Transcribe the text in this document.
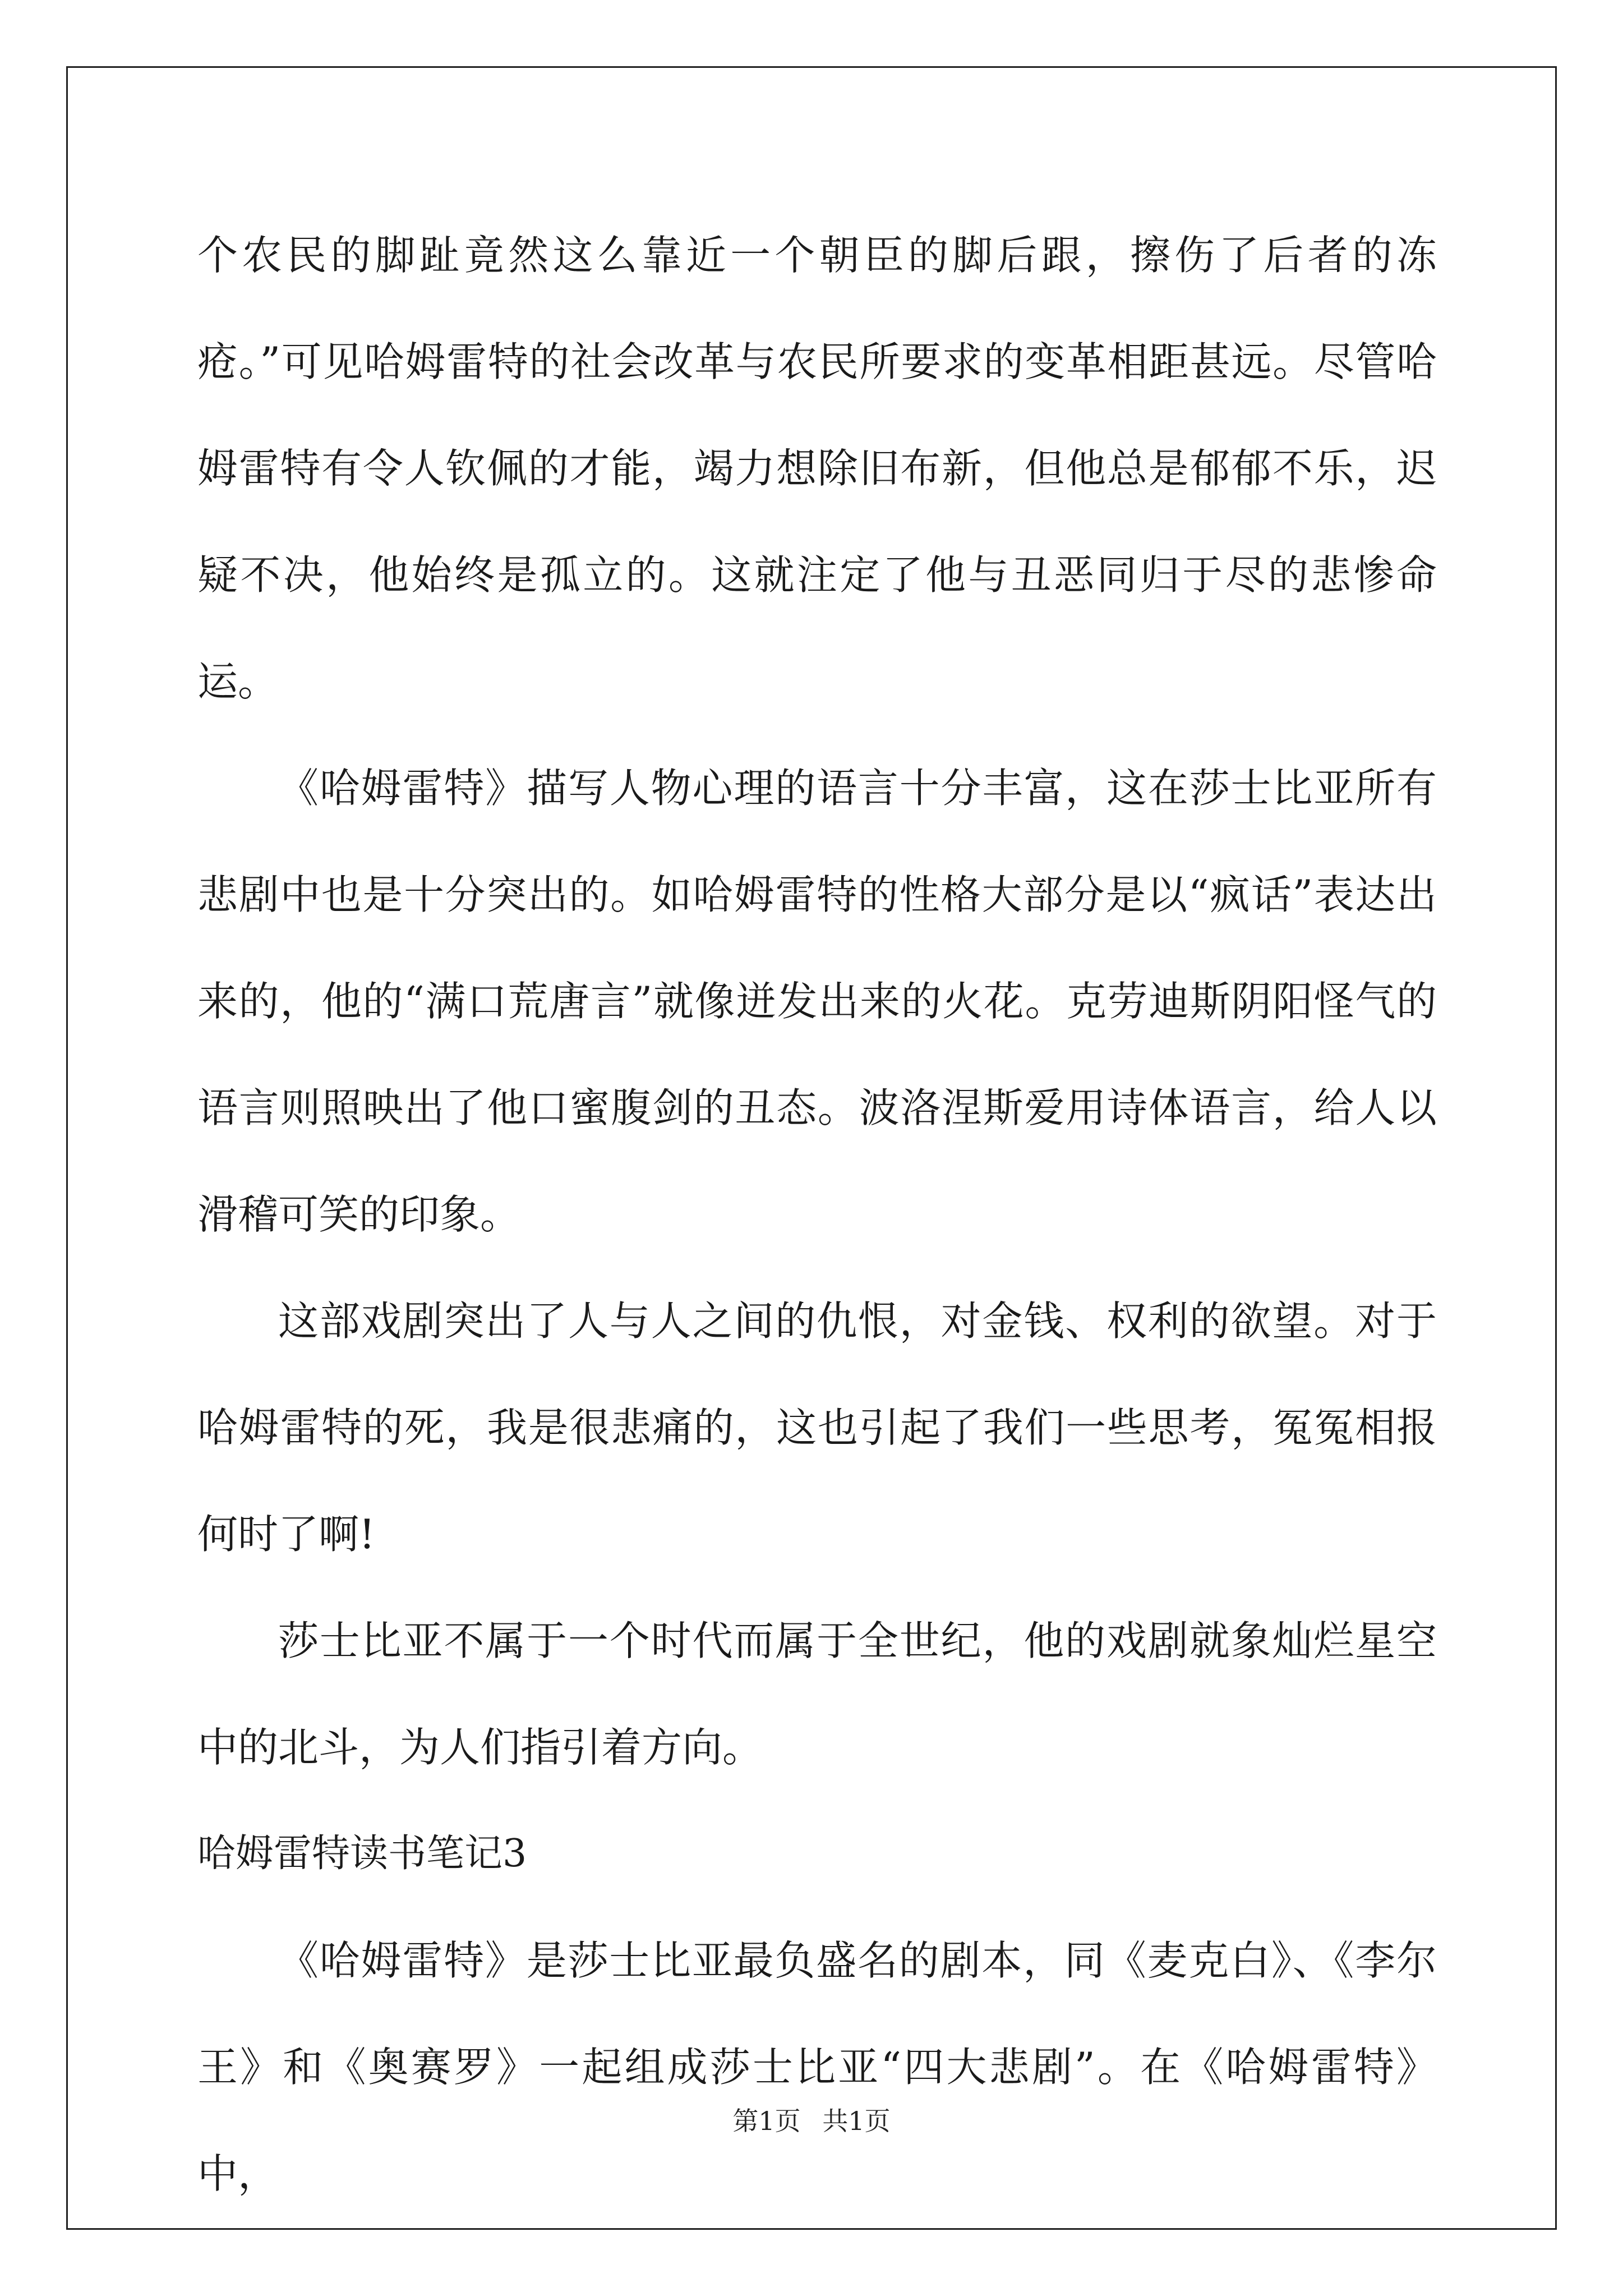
个农民的脚趾竟然这么靠近一个朝臣的脚后跟，擦伤了后者的冻疮。”可见哈姆雷特的社会改革与农民所要求的变革相距甚远。尽管哈姆雷特有令人钦佩的才能，竭力想除旧布新，但他总是郁郁不乐，迟疑不决，他始终是孤立的。这就注定了他与丑恶同归于尽的悲惨命运。

《哈姆雷特》描写人物心理的语言十分丰富，这在莎士比亚所有悲剧中也是十分突出的。如哈姆雷特的性格大部分是以“疯话”表达出来的，他的“满口荒唐言”就像迸发出来的火花。克劳迪斯阴阳怪气的语言则照映出了他口蜜腹剑的丑态。波洛涅斯爱用诗体语言，给人以滑稽可笑的印象。

这部戏剧突出了人与人之间的仇恨，对金钱、权利的欲望。对于哈姆雷特的死，我是很悲痛的，这也引起了我们一些思考，冤冤相报何时了啊!

莎士比亚不属于一个时代而属于全世纪，他的戏剧就象灿烂星空中的北斗，为人们指引着方向。

哈姆雷特读书笔记3

《哈姆雷特》是莎士比亚最负盛名的剧本，同《麦克白》、《李尔王》和《奥赛罗》一起组成莎士比亚“四大悲剧”。在《哈姆雷特》中，

第1页 共1页
